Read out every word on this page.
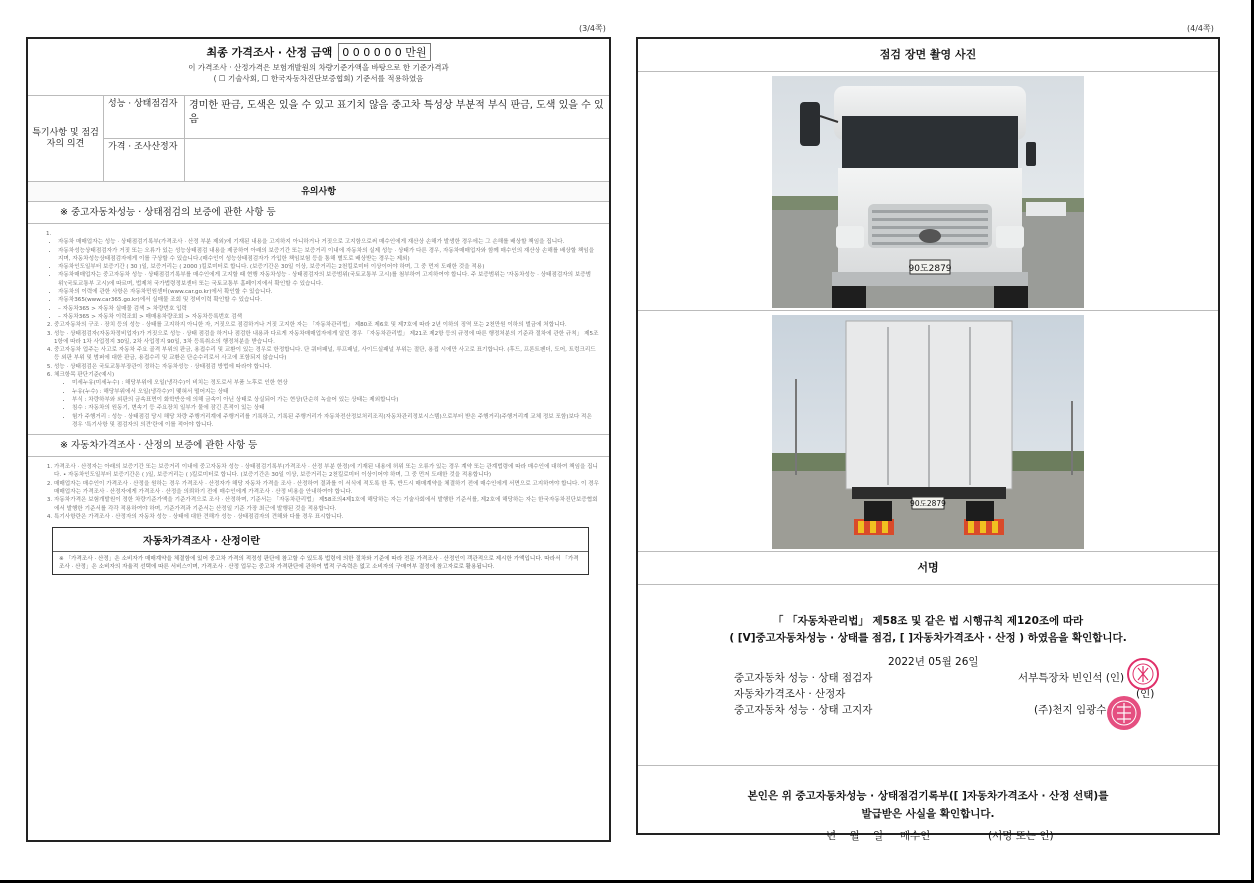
(3/4쪽)	(4/4쪽)
최종 가격조사 · 산정 금액 0 0 0 0 0 0 만원
이 가격조사 · 산정가격은 보험개발원의 차량기준가액을 바탕으로 한 기준가격과
( ☐ 기술사회, ☐ 한국자동차진단보증협회) 기준서를 적용하였음
특기사항 및 점검자의 의견
성능 · 상태점검자	경미한 판금, 도색은 있을 수 있고 표기치 않음 중고차 특성상 부분적 부식 판금, 도색 있을 수 있음
가격 · 조사산정자
유의사항
※ 중고자동차성능 · 상태점검의 보증에 관한 사항 등
1.
• 자동차 매매업자는 성능 · 상태점검기록부(가격조사 · 산정 부분 제외)에 기재된 내용을 고지하지 아니하거나 거짓으로 고지함으로써 매수인에게 재산상 손해가 발생한 경우에는 그 손해를 배상할 책임을 집니다.
• 자동차성능상태점검자가 거짓 또는 오류가 있는 성능상태점검 내용을 제공하여 아래의 보증기간 또는 보증거리 이내에 자동차의 실제 성능 · 상태가 다른 경우, 자동차매매업자와 함께 매수인의 재산상 손해를 배상할 책임을 지며, 자동차성능상태점검자에게 이를 구상할 수 있습니다.(매수인이 성능상태점검자가 가입한 책임보험 등을 통해 별도로 배상받는 경우는 제외)
• 자동차인도일부터 보증기간 ( 30 )일, 보증거리는 ( 2000 )킬로미터로 합니다. (보증기간은 30일 이상, 보증거리는 2천킬로미터 이상이어야 하며, 그 중 먼저 도래한 것을 적용)
• 자동차매매업자는 중고자동차 성능 · 상태점검기록부를 매수인에게 고지할 때 현행 자동차성능 · 상태점검자의 보증범위(국토교통부 고시)를 첨부하여 고지하여야 합니다. 주 보증범위는 '자동차성능 · 상태점검자의 보증범위'(국토교통부 고시)에 따르며, 법제처 국가법령정보센터 또는 국토교통부 홈페이지에서 확인할 수 있습니다.
• 자동차의 이력에 관한 사항은 자동차민원센터(www.car.go.kr)에서 확인할 수 있습니다.
• 자동차365(www.car365.go.kr)에서 실매물 조회 및 정비이력 확인할 수 있습니다.
• – 자동차365 > 자동차 실매물 검색 > 차량번호 입력
• – 자동차365 > 자동차 이력조회 > 매매용차량조회 > 자동차등록번호 검색
2. 중고자동차의 구조 · 장치 등의 성능 · 상태를 고지하지 아니한 자, 거짓으로 점검하거나 거짓 고지한 자는 「자동차관리법」 제80조 제6호 및 제7호에 따라 2년 이하의 징역 또는 2천만원 이하의 벌금에 처합니다.
3. 성능 · 상태점검자(자동차정비업자)가 거짓으로 성능 · 상태 점검을 하거나 점검한 내용과 다르게 자동차매매업자에게 알린 경우 「자동차관리법」 제21조 제2항 등의 규정에 따른 행정처분의 기준과 절차에 관한 규칙」 제5조 1항에 따라 1차 사업정지 30일, 2차 사업정지 90일, 3차 등록취소의 행정처분을 받습니다.
4. 중고자동차 업주는 사고로 자동차 주요 골격 부위의 판금, 용접수리 및 교환이 있는 경우로 한정합니다. 단 쿼터패널, 루프패널, 사이드실패널 부위는 절단, 용접 시에만 사고로 표기합니다. (후드, 프론트펜더, 도어, 트렁크리드 등 외판 부위 및 범퍼에 대한 판금, 용접수리 및 교환은 단순수리로서 사고에 포함되지 않습니다)
5. 성능 · 상태점검은 국토교통부장관이 정하는 자동차성능 · 상태점검 방법에 따라야 합니다.
6. 체크항목 판단기준(예시)
• 미세누유(미세누수) : 해당부위에 오일(냉각수)이 비치는 정도로서 부품 노후로 인한 현상
• 누유(누수) : 해당부위에서 오일(냉각수)이 맺혀서 떨어지는 상태
• 부식 : 차량하부와 외판의 금속표면이 화학반응에 의해 금속이 아닌 상태로 상실되어 가는 현상(단순히 녹슬어 있는 상태는 제외합니다)
• 침수 : 자동차의 원동기, 변속기 등 주요장치 일부가 물에 잠긴 흔적이 있는 상태
• 험가 주행거리 : 성능 · 상태점검 당시 해당 차량 주행거리계에 주행거리를 기록하고, 기록된 주행거리가 자동차전산정보처리조직(자동차관리정보시스템)으로부터 받은 주행거리(주행거리계 교체 정보 포함)보다 적은 경우 '특기사항 및 점검자의 의견'란에 이를 적어야 합니다.
※ 자동차가격조사 · 산정의 보증에 관한 사항 등
1. 가격조사 · 산정자는 아래의 보증기간 또는 보증거리 이내에 중고자동차 성능 · 상태점검기록부(가격조사 · 산정 부분 한정)에 기재된 내용에 허위 또는 오류가 있는 경우 계약 또는 관계법령에 따라 매수인에 대하여 책임을 집니다. • 자동차인도일부터 보증기간은 ( )일, 보증거리는 ( )킬로미터로 합니다. (보증기간은 30일 이상, 보증거리는 2천킬로미터 이상이어야 하며, 그 중 먼저 도래한 것을 적용합니다)
2. 매매업자는 매수인이 가격조사 · 산정을 원하는 경우 가격조사 · 산정자가 해당 자동차 가격을 조사 · 산정하여 결과를 이 서식에 적도록 한 후, 반드시 매매계약을 체결하기 전에 매수인에게 서면으로 고지하여야 합니다. 이 경우 매매업자는 가격조사 · 산정자에게 가격조사 · 산정을 의뢰하기 전에 매수인에게 가격조사 · 산정 비용을 안내하여야 합니다.
3. 자동차가격은 보험개발원이 정한 차량기준가액을 기준가격으로 조사 · 산정하며, 기준서는 「자동차관리법」 제58조의4제1호에 해당하는 자는 기술사회에서 발행한 기준서를, 제2호에 해당하는 자는 한국자동차진단보증협회에서 발행한 기준서를 각각 적용하여야 하며, 기준가격과 기준서는 산정일 기준 가장 최근에 발행된 것을 적용합니다.
4. 특기사항란은 가격조사 · 산정자의 자동차 성능 · 상태에 대한 견해가 성능 · 상태점검자의 견해와 다를 경우 표시합니다.
자동차가격조사 · 산정이란
※ 「가격조사 · 산정」은 소비자가 매매계약을 체결함에 있어 중고차 가격의 적정성 판단에 참고할 수 있도록 법령에 의한 절차와 기준에 따라 전문 가격조사 · 산정인이 객관적으로 제시한 가액입니다. 따라서 「가격조사 · 산정」은 소비자의 자율적 선택에 따른 서비스이며, 가격조사 · 산정 업무는 중고차 가격판단에 관하여 법적 구속력은 없고 소비자의 구매여부 결정에 참고자료로 활용됩니다.
점검 장면 촬영 사진
90도2879
90도2879
서명
「 「자동차관리법」 제58조 및 같은 법 시행규칙 제120조에 따라
( [V]중고자동차성능 · 상태를 점검, [ ]자동차가격조사 · 산정 ) 하였음을 확인합니다.
2022년 05월 26일
중고자동차 성능 · 상태 점검자	서부특장차 빈인석 (인)
자동차가격조사 · 산정자	(인)
중고자동차 성능 · 상태 고지자	(주)천지 임광수
본인은 위 중고자동차성능 · 상태점검기록부([ ]자동차가격조사 · 산정 선택)를
발급받은 사실을 확인합니다.
년    월    일     매수인	(서명 또는 인)
